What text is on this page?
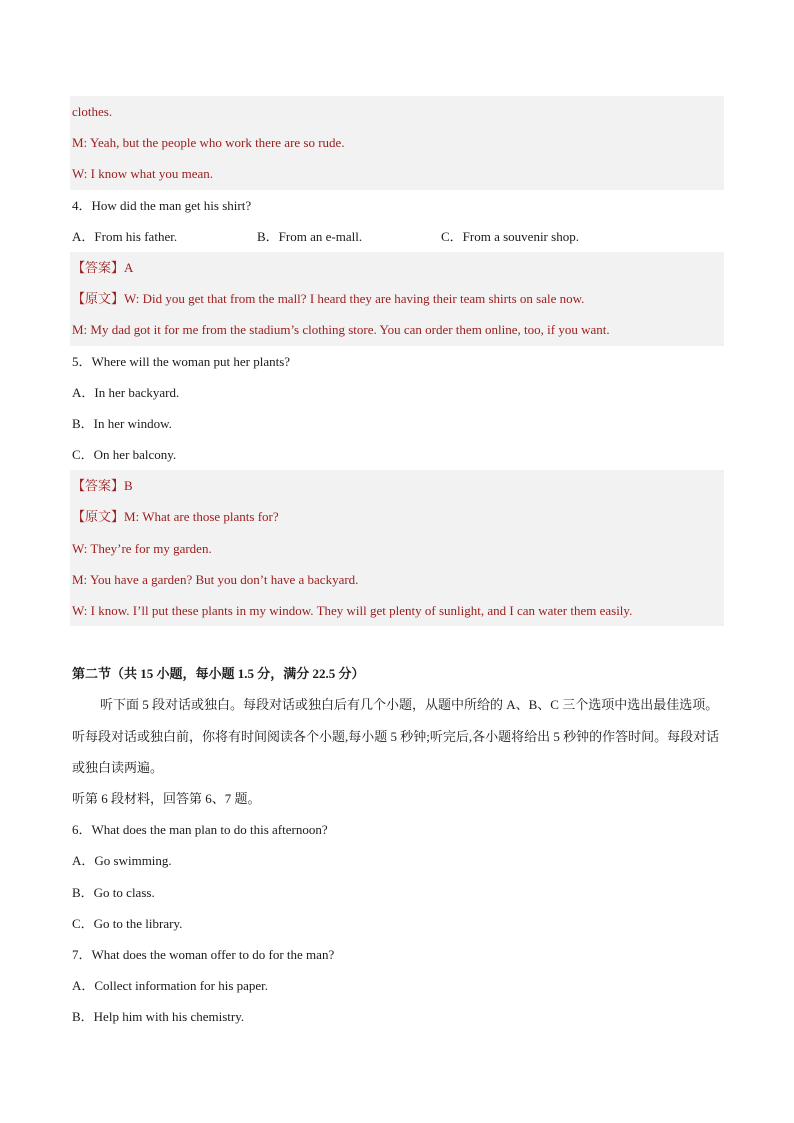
clothes.
M: Yeah, but the people who work there are so rude.
W: I know what you mean.
4．How did the man get his shirt?
A．From his father.	B．From an e-mall.	C．From a souvenir shop.
【答案】A
【原文】W: Did you get that from the mall? I heard they are having their team shirts on sale now.
M: My dad got it for me from the stadium’s clothing store. You can order them online, too, if you want.
5．Where will the woman put her plants?
A．In her backyard.
B．In her window.
C．On her balcony.
【答案】B
【原文】M: What are those plants for?
W: They’re for my garden.
M: You have a garden? But you don’t have a backyard.
W: I know. I’ll put these plants in my window. They will get plenty of sunlight, and I can water them easily.
第二节（共 15 小题，每小题 1.5 分，满分 22.5 分）
听下面 5 段对话或独白。每段对话或独白后有几个小题，从题中所给的 A、B、C 三个选项中选出最佳选项。听每段对话或独白前，你将有时间阅读各个小题,每小题 5 秒钟;听完后,各小题将给出 5 秒钟的作答时间。每段对话或独白读两遍。
听第 6 段材料，回答第 6、7 题。
6．What does the man plan to do this afternoon?
A．Go swimming.
B．Go to class.
C．Go to the library.
7．What does the woman offer to do for the man?
A．Collect information for his paper.
B．Help him with his chemistry.
